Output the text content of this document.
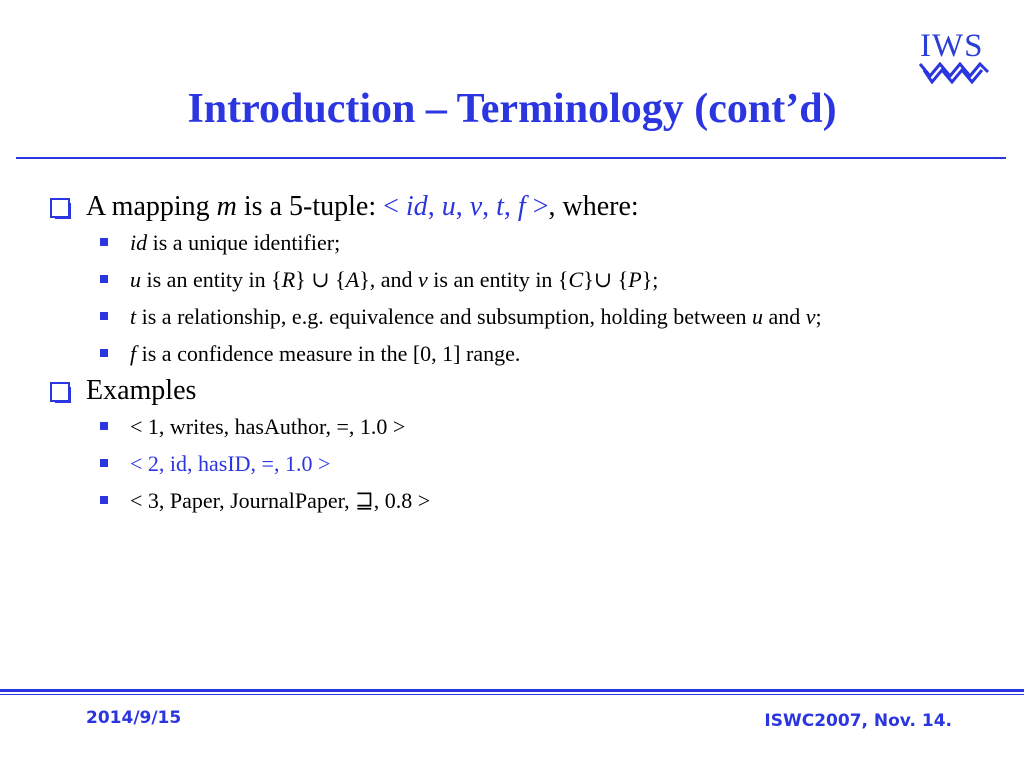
IWS
Introduction – Terminology (cont’d)
A mapping m is a 5-tuple: < id, u, v, t, f >, where:
id is a unique identifier;
u is an entity in {R} ∪ {A}, and v is an entity in {C}∪ {P};
t is a relationship, e.g. equivalence and subsumption, holding between u and v;
f is a confidence measure in the [0, 1] range.
Examples
< 1, writes, hasAuthor, =, 1.0 >
< 2, id, hasID, =, 1.0 >
< 3, Paper, JournalPaper, ⊒, 0.8 >
2014/9/15	ISWC2007, Nov. 14.
